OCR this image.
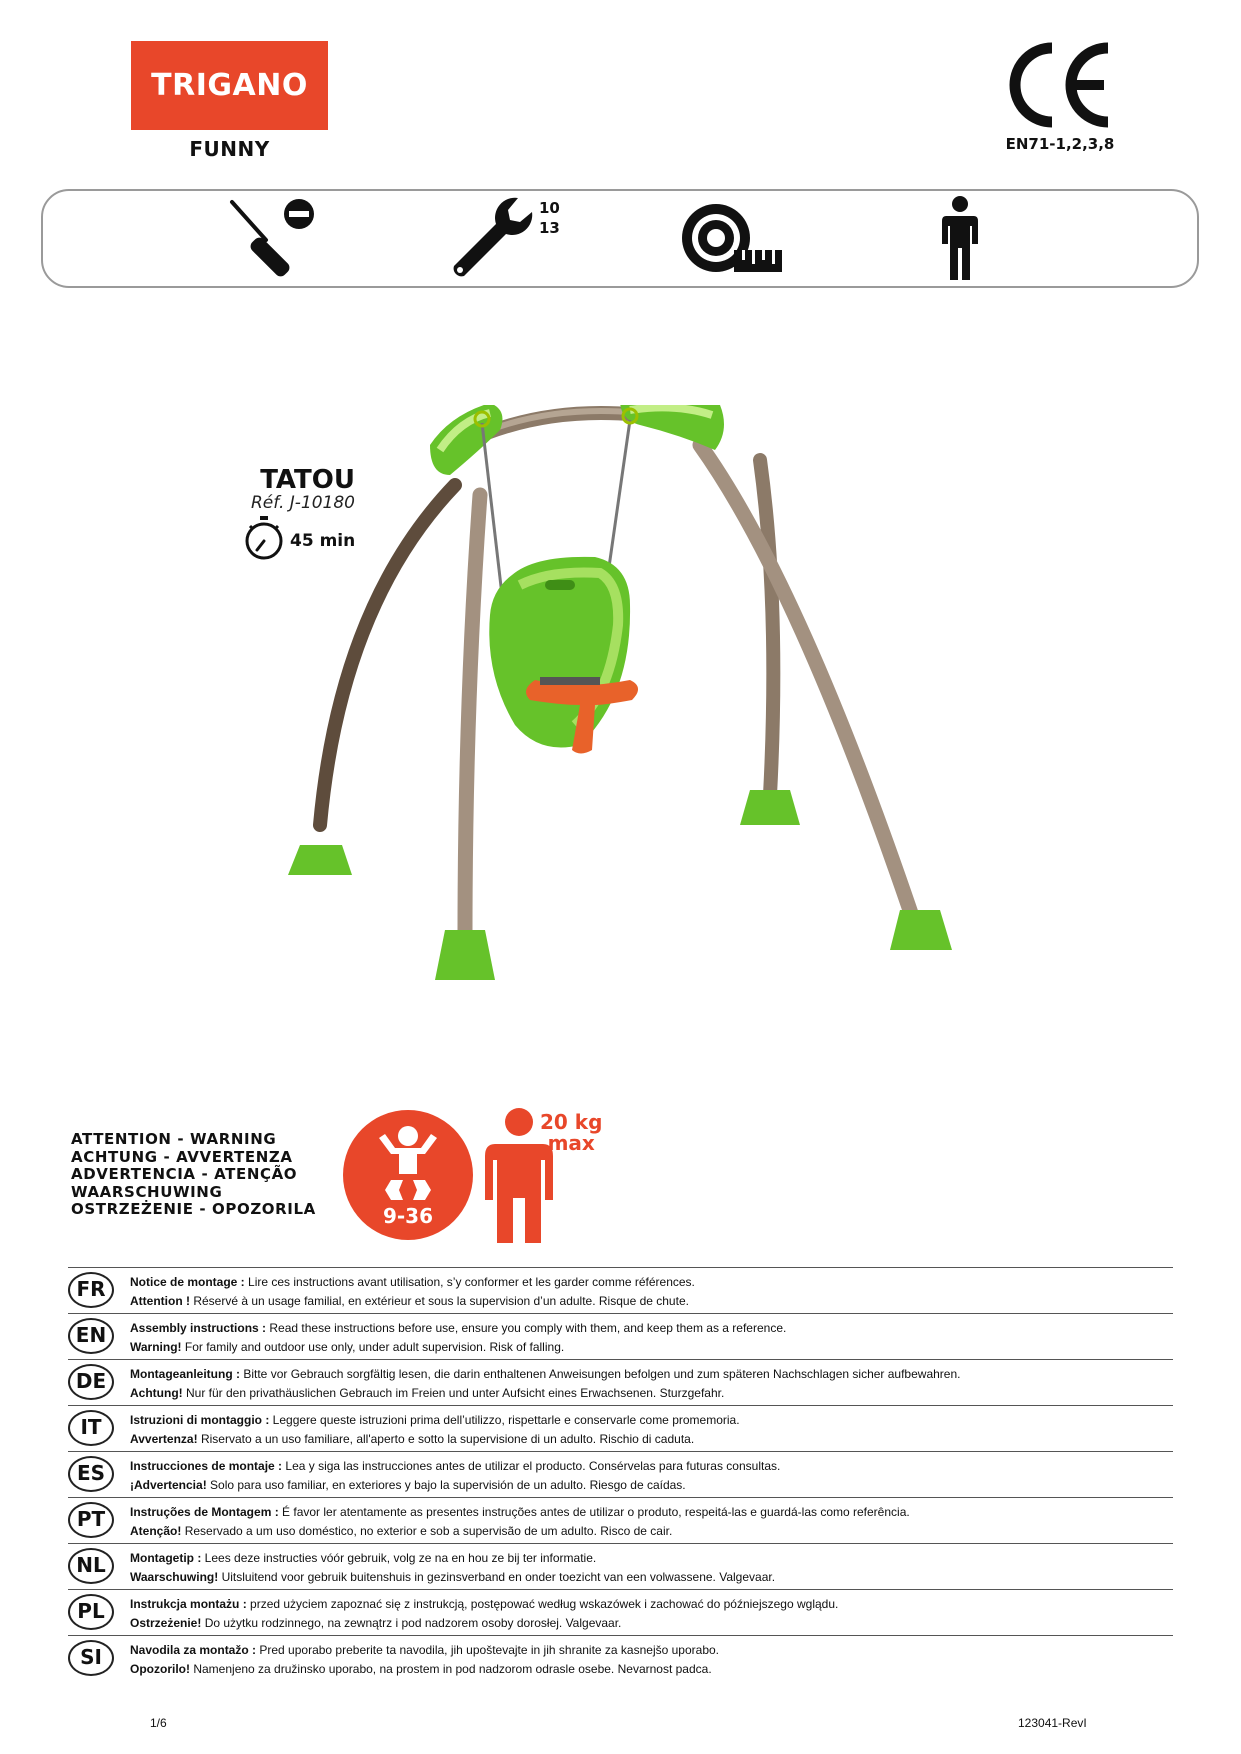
TRIGANO
FUNNY	EN71-1,2,3,8
10
13
TATOU
Réf. J-10180
45 min
ATTENTION - WARNING
ACHTUNG - AVVERTENZA
ADVERTENCIA - ATENÇÃO
WAARSCHUWING
OSTRZEŻENIE - OPOZORILA	9-36
20 kg
max
FR	Notice de montage : Lire ces instructions avant utilisation, s’y conformer et les garder comme références.
Attention ! Réservé à un usage familial, en extérieur et sous la supervision d’un adulte. Risque de chute.
EN	Assembly instructions : Read these instructions before use, ensure you comply with them, and keep them as a reference.
Warning! For family and outdoor use only, under adult supervision. Risk of falling.
DE	Montageanleitung : Bitte vor Gebrauch sorgfältig lesen, die darin enthaltenen Anweisungen befolgen und zum späteren Nachschlagen sicher aufbewahren.
Achtung! Nur für den privathäuslichen Gebrauch im Freien und unter Aufsicht eines Erwachsenen. Sturzgefahr.
IT	Istruzioni di montaggio : Leggere queste istruzioni prima dell’utilizzo, rispettarle e conservarle come promemoria.
Avvertenza! Riservato a un uso familiare, all'aperto e sotto la supervisione di un adulto. Rischio di caduta.
ES	Instrucciones de montaje : Lea y siga las instrucciones antes de utilizar el producto. Consérvelas para futuras consultas.
¡Advertencia! Solo para uso familiar, en exteriores y bajo la supervisión de un adulto. Riesgo de caídas.
PT	Instruções de Montagem : É favor ler atentamente as presentes instruções antes de utilizar o produto, respeitá-las e guardá-las como referência.
Atenção! Reservado a um uso doméstico, no exterior e sob a supervisão de um adulto. Risco de cair.
NL	Montagetip : Lees deze instructies vóór gebruik, volg ze na en hou ze bij ter informatie.
Waarschuwing! Uitsluitend voor gebruik buitenshuis in gezinsverband en onder toezicht van een volwassene. Valgevaar.
PL	Instrukcja montażu : przed użyciem zapoznać się z instrukcją, postępować według wskazówek i zachować do późniejszego wglądu.
Ostrzeżenie! Do użytku rodzinnego, na zewnątrz i pod nadzorem osoby dorosłej. Valgevaar.
SI	Navodila za montažo : Pred uporabo preberite ta navodila, jih upoštevajte in jih shranite za kasnejšo uporabo.
Opozorilo! Namenjeno za družinsko uporabo, na prostem in pod nadzorom odrasle osebe. Nevarnost padca.
1/6	123041-RevI
